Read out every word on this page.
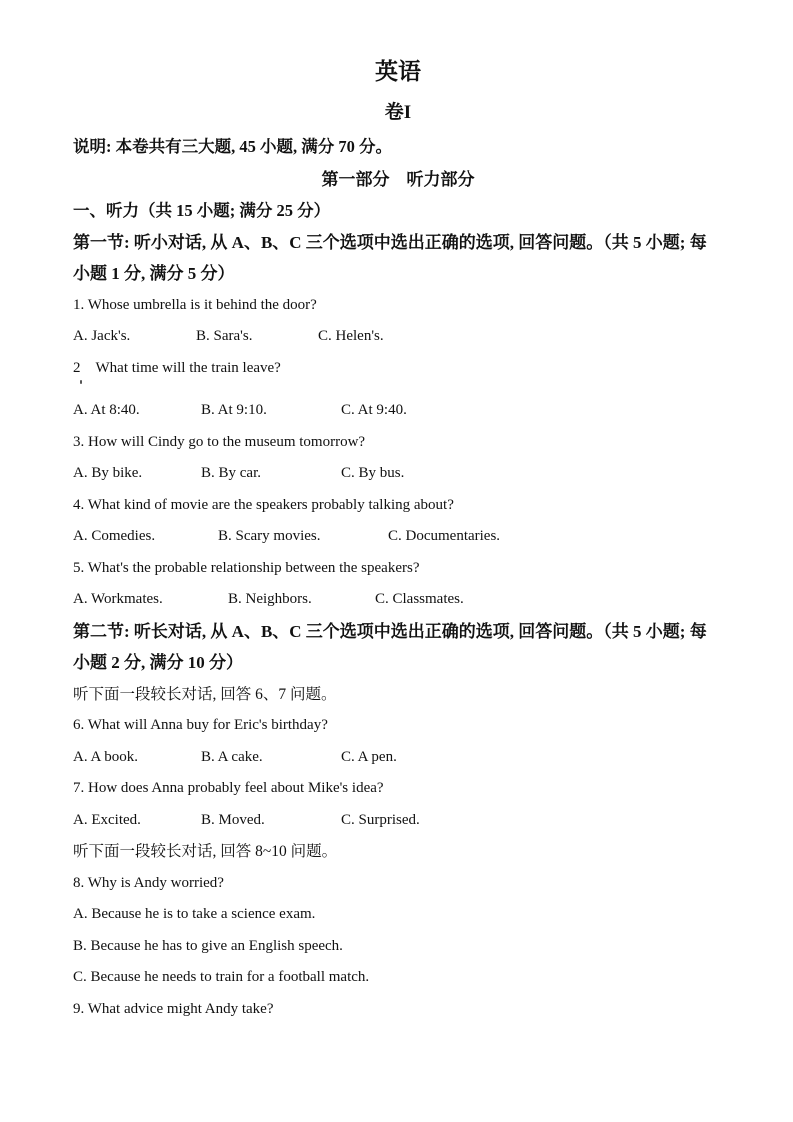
英语

卷I

说明: 本卷共有三大题, 45 小题, 满分 70 分。

第一部分　听力部分

一、听力（共 15 小题; 满分 25 分）

第一节: 听小对话, 从 A、B、C 三个选项中选出正确的选项, 回答问题。（共 5 小题; 每小题 1 分, 满分 5 分）

1. Whose umbrella is it behind the door?

A. Jack's.	B. Sara's.	C. Helen's.

2　What time will the train leave?

A. At 8:40.	B. At 9:10.	C. At 9:40.

3. How will Cindy go to the museum tomorrow?

A. By bike.	B. By car.	C. By bus.

4. What kind of movie are the speakers probably talking about?

A. Comedies.	B. Scary movies.	C. Documentaries.

5. What's the probable relationship between the speakers?

A. Workmates.	B. Neighbors.	C. Classmates.

第二节: 听长对话, 从 A、B、C 三个选项中选出正确的选项, 回答问题。（共 5 小题; 每小题 2 分, 满分 10 分）

听下面一段较长对话, 回答 6、7 问题。

6. What will Anna buy for Eric's birthday?

A. A book.	B. A cake.	C. A pen.

7. How does Anna probably feel about Mike's idea?

A. Excited.	B. Moved.	C. Surprised.

听下面一段较长对话, 回答 8~10 问题。

8. Why is Andy worried?

A. Because he is to take a science exam.

B. Because he has to give an English speech.

C. Because he needs to train for a football match.

9. What advice might Andy take?
